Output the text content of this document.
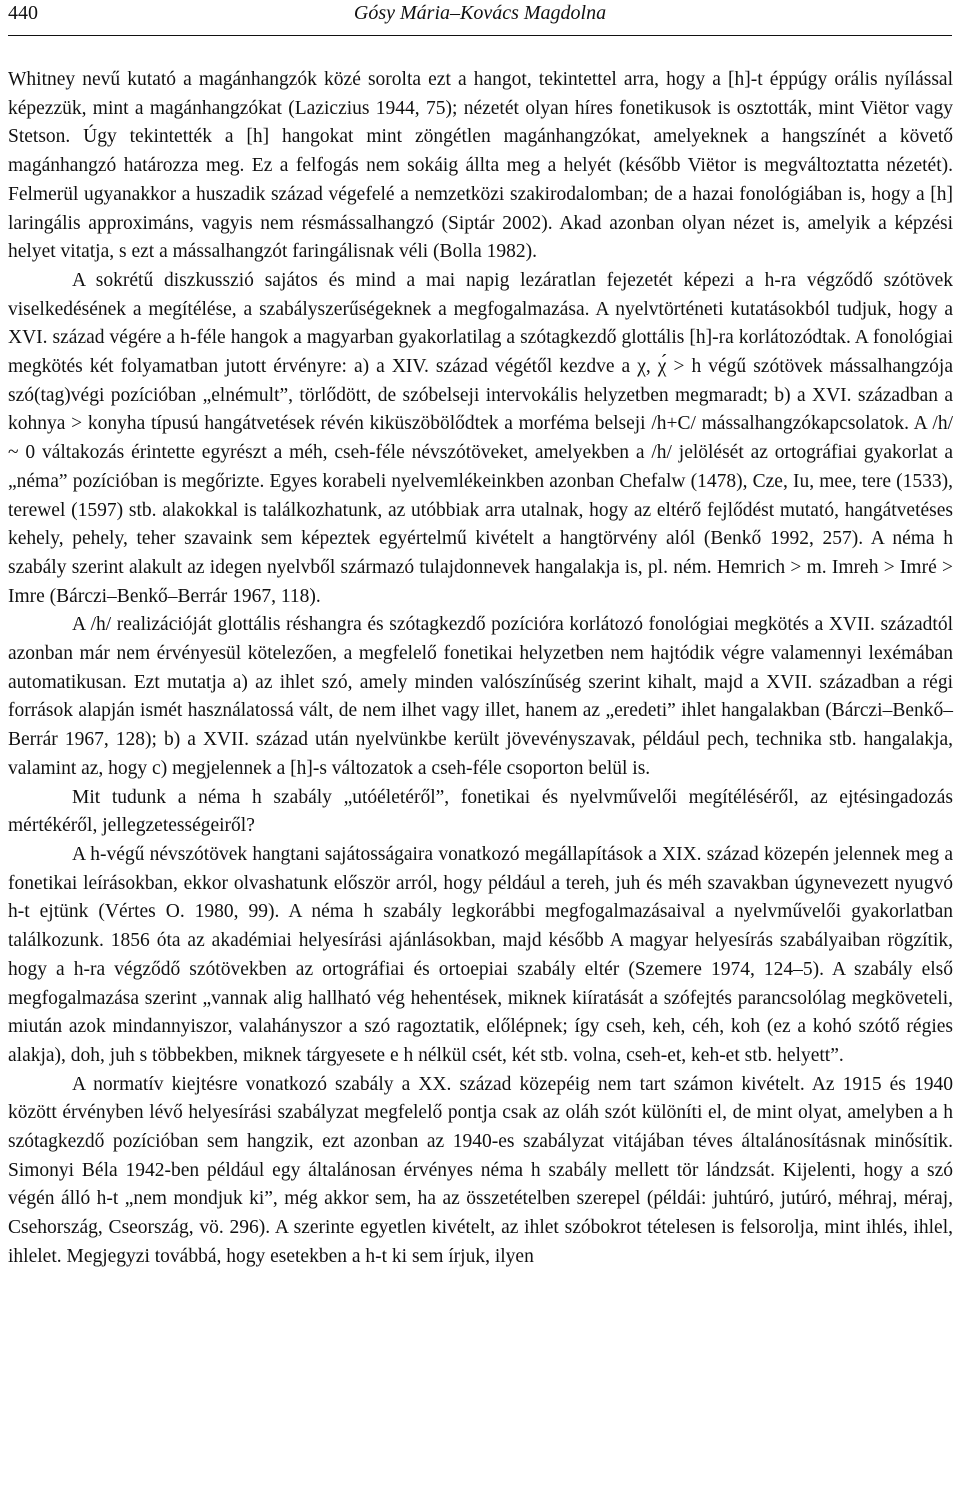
440	Gósy Mária–Kovács Magdolna

Whitney nevű kutató a magánhangzók közé sorolta ezt a hangot, tekintettel arra, hogy a [h]-t éppúgy orális nyílással képezzük, mint a magánhangzókat (Laziczius 1944, 75); nézetét olyan híres fonetikusok is osztották, mint Viëtor vagy Stetson. Úgy tekintették a [h] hangokat mint zöngétlen magánhangzókat, amelyeknek a hangszínét a követő magánhangzó határozza meg. Ez a felfogás nem sokáig állta meg a helyét (később Viëtor is megváltoztatta nézetét). Felmerül ugyanakkor a huszadik század végefelé a nemzetközi szakirodalomban; de a hazai fonológiában is, hogy a [h] laringális approximáns, vagyis nem résmássalhangzó (Siptár 2002). Akad azonban olyan nézet is, amelyik a képzési helyet vitatja, s ezt a mássalhangzót faringálisnak véli (Bolla 1982).

A sokrétű diszkusszió sajátos és mind a mai napig lezáratlan fejezetét képezi a h-ra végződő szótövek viselkedésének a megítélése, a szabályszerűségeknek a megfogalmazása. A nyelvtörténeti kutatásokból tudjuk, hogy a XVI. század végére a h-féle hangok a magyarban gyakorlatilag a szótagkezdő glottális [h]-ra korlátozódtak. A fonológiai megkötés két folyamatban jutott érvényre: a) a XIV. század végétől kezdve a χ, χ́ > h végű szótövek mássalhangzója szó(tag)végi pozícióban „elnémult”, törlődött, de szóbelseji intervokális helyzetben megmaradt; b) a XVI. században a kohnya > konyha típusú hangátvetések révén kiküszöbölődtek a morféma belseji /h+C/ mássalhangzókapcsolatok. A /h/ ~ 0 váltakozás érintette egyrészt a méh, cseh-féle névszótöveket, amelyekben a /h/ jelölését az ortográfiai gyakorlat a „néma” pozícióban is megőrizte. Egyes korabeli nyelvemlékeinkben azonban Chefalw (1478), Cze, Iu, mee, tere (1533), terewel (1597) stb. alakokkal is találkozhatunk, az utóbbiak arra utalnak, hogy az eltérő fejlődést mutató, hangátvetéses kehely, pehely, teher szavaink sem képeztek egyértelmű kivételt a hangtörvény alól (Benkő 1992, 257). A néma h szabály szerint alakult az idegen nyelvből származó tulajdonnevek hangalakja is, pl. ném. Hemrich > m. Imreh > Imré > Imre (Bárczi–Benkő–Berrár 1967, 118).

A /h/ realizációját glottális réshangra és szótagkezdő pozícióra korlátozó fonológiai megkötés a XVII. századtól azonban már nem érvényesül kötelezően, a megfelelő fonetikai helyzetben nem hajtódik végre valamennyi lexémában automatikusan. Ezt mutatja a) az ihlet szó, amely minden valószínűség szerint kihalt, majd a XVII. században a régi források alapján ismét használatossá vált, de nem ilhet vagy illet, hanem az „eredeti” ihlet hangalakban (Bárczi–Benkő–Berrár 1967, 128); b) a XVII. század után nyelvünkbe került jövevényszavak, például pech, technika stb. hangalakja, valamint az, hogy c) megjelennek a [h]-s változatok a cseh-féle csoporton belül is.

Mit tudunk a néma h szabály „utóéletéről”, fonetikai és nyelvművelői megítéléséről, az ejtésingadozás mértékéről, jellegzetességeiről?

A h-végű névszótövek hangtani sajátosságaira vonatkozó megállapítások a XIX. század közepén jelennek meg a fonetikai leírásokban, ekkor olvashatunk először arról, hogy például a tereh, juh és méh szavakban úgynevezett nyugvó h-t ejtünk (Vértes O. 1980, 99). A néma h szabály legkorábbi megfogalmazásaival a nyelvművelői gyakorlatban találkozunk. 1856 óta az akadémiai helyesírási ajánlásokban, majd később A magyar helyesírás szabályaiban rögzítik, hogy a h-ra végződő szótövekben az ortográfiai és ortoepiai szabály eltér (Szemere 1974, 124–5). A szabály első megfogalmazása szerint „vannak alig hallható vég hehentések, miknek kiíratását a szófejtés parancsolólag megköveteli, miután azok mindannyiszor, valahányszor a szó ragoztatik, előlépnek; így cseh, keh, céh, koh (ez a kohó szótő régies alakja), doh, juh s többekben, miknek tárgyesete e h nélkül csét, két stb. volna, cseh-et, keh-et stb. helyett”.

A normatív kiejtésre vonatkozó szabály a XX. század közepéig nem tart számon kivételt. Az 1915 és 1940 között érvényben lévő helyesírási szabályzat megfelelő pontja csak az oláh szót különíti el, de mint olyat, amelyben a h szótagkezdő pozícióban sem hangzik, ezt azonban az 1940-es szabályzat vitájában téves általánosításnak minősítik. Simonyi Béla 1942-ben például egy általánosan érvényes néma h szabály mellett tör lándzsát. Kijelenti, hogy a szó végén álló h-t „nem mondjuk ki”, még akkor sem, ha az összetételben szerepel (példái: juhtúró, jutúró, méhraj, méraj, Csehország, Cseország, vö. 296). A szerinte egyetlen kivételt, az ihlet szóbokrot tételesen is felsorolja, mint ihlés, ihlel, ihlelet. Megjegyzi továbbá, hogy esetekben a h-t ki sem írjuk, ilyen
